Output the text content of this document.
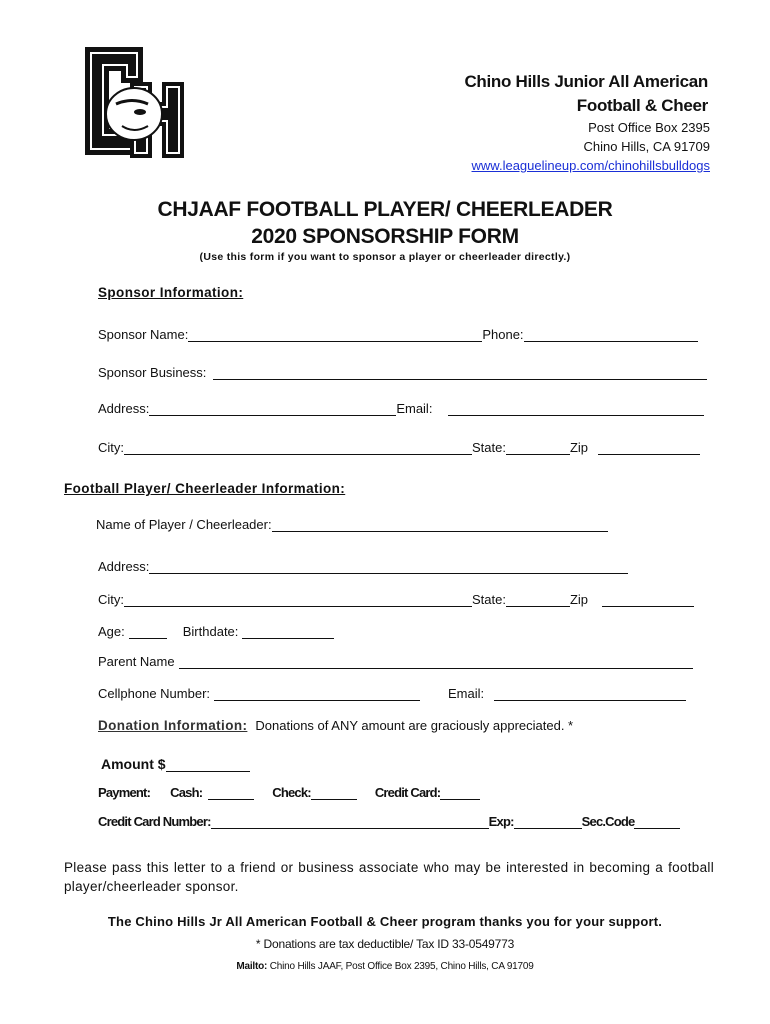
Chino Hills Junior All American
Football & Cheer
Post Office Box 2395
Chino Hills, CA 91709
www.leaguelineup.com/chinohillsbulldogs
CHJAAF FOOTBALL PLAYER/ CHEERLEADER
2020 SPONSORSHIP FORM
(Use this form if you want to sponsor a player or cheerleader directly.)
Sponsor Information:
Sponsor Name:	Phone:
Sponsor Business:
Address:	Email:
City:	State:	Zip
Football Player/ Cheerleader Information:
Name of Player / Cheerleader:
Address:
City:	State:	Zip
Age:	Birthdate:
Parent Name
Cellphone Number:	Email:
Donation Information: Donations of ANY amount are graciously appreciated. *
Amount $
Payment: Cash:	Check:	Credit Card:
Credit Card Number:	Exp:	Sec.Code
Please pass this letter to a friend or business associate who may be interested in becoming a football player/cheerleader sponsor.
The Chino Hills Jr All American Football & Cheer program thanks you for your support.
* Donations are tax deductible/ Tax ID 33-0549773
Mailto: Chino Hills JAAF, Post Office Box 2395, Chino Hills, CA 91709
